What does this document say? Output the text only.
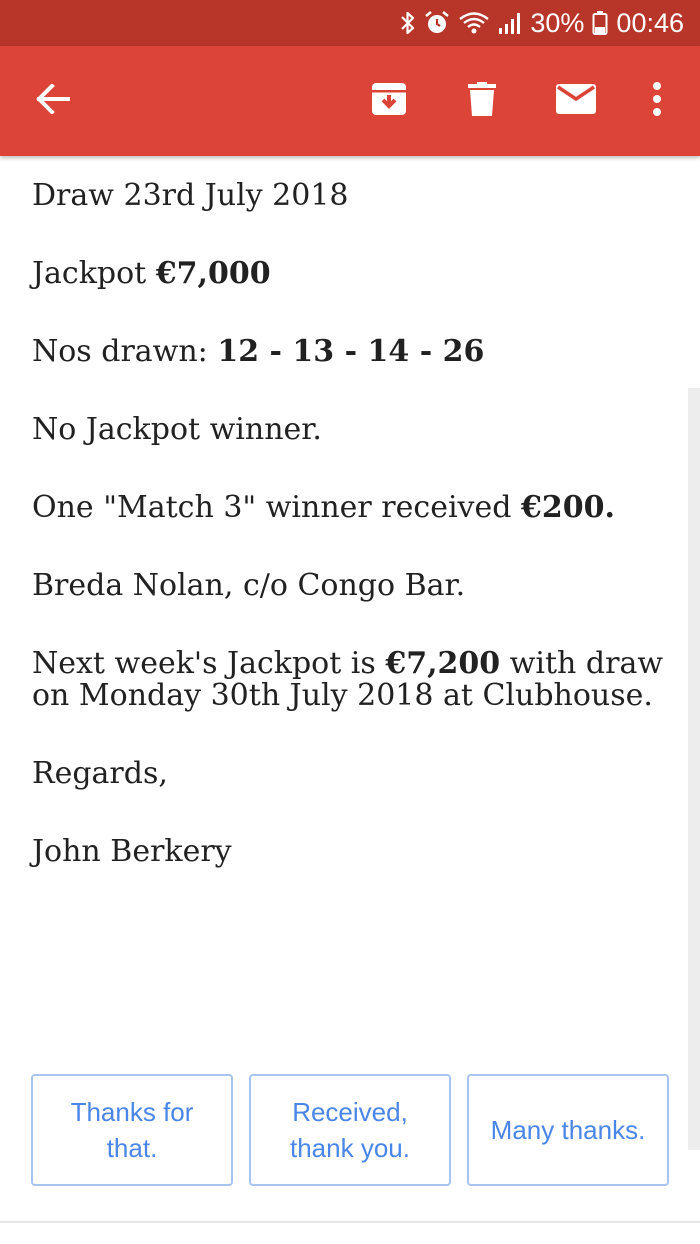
30% 00:46

Draw 23rd July 2018

Jackpot €7,000

Nos drawn: 12 - 13 - 14 - 26

No Jackpot winner.

One "Match 3" winner received €200.

Breda Nolan, c/o Congo Bar.

Next week's Jackpot is €7,200 with draw on Monday 30th July 2018 at Clubhouse.

Regards,

John Berkery

Thanks for that.
Received, thank you.
Many thanks.
